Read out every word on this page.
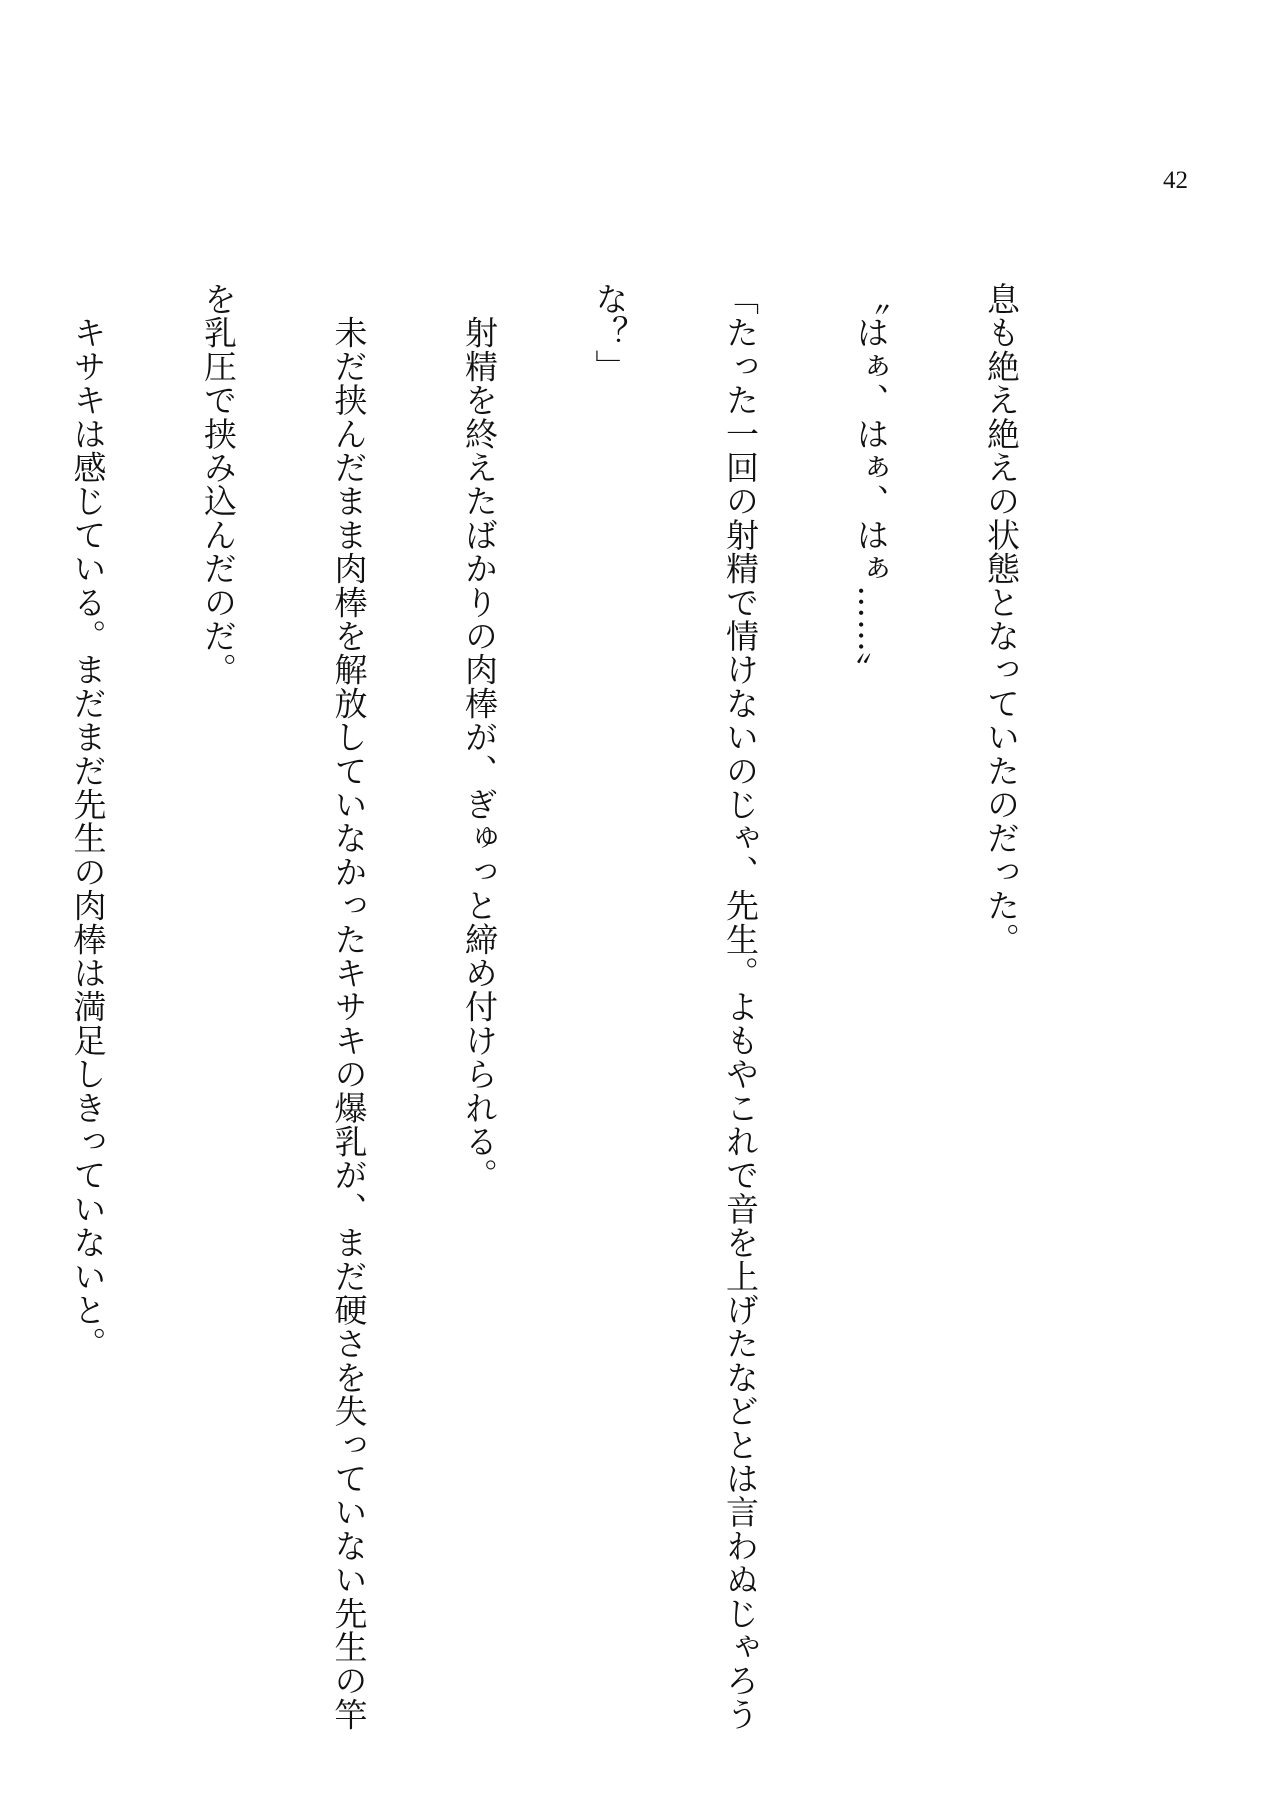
42

息も絶え絶えの状態となっていたのだった。

〝はぁ、はぁ、はぁ……〟

「たった一回の射精で情けないのじゃ、先生。よもやこれで音を上げたなどとは言わぬじゃろう

な？」

　射精を終えたばかりの肉棒が、ぎゅっと締め付けられる。

　未だ挟んだまま肉棒を解放していなかったキサキの爆乳が、まだ硬さを失っていない先生の竿

を乳圧で挟み込んだのだ。

　キサキは感じている。まだまだ先生の肉棒は満足しきっていないと。
